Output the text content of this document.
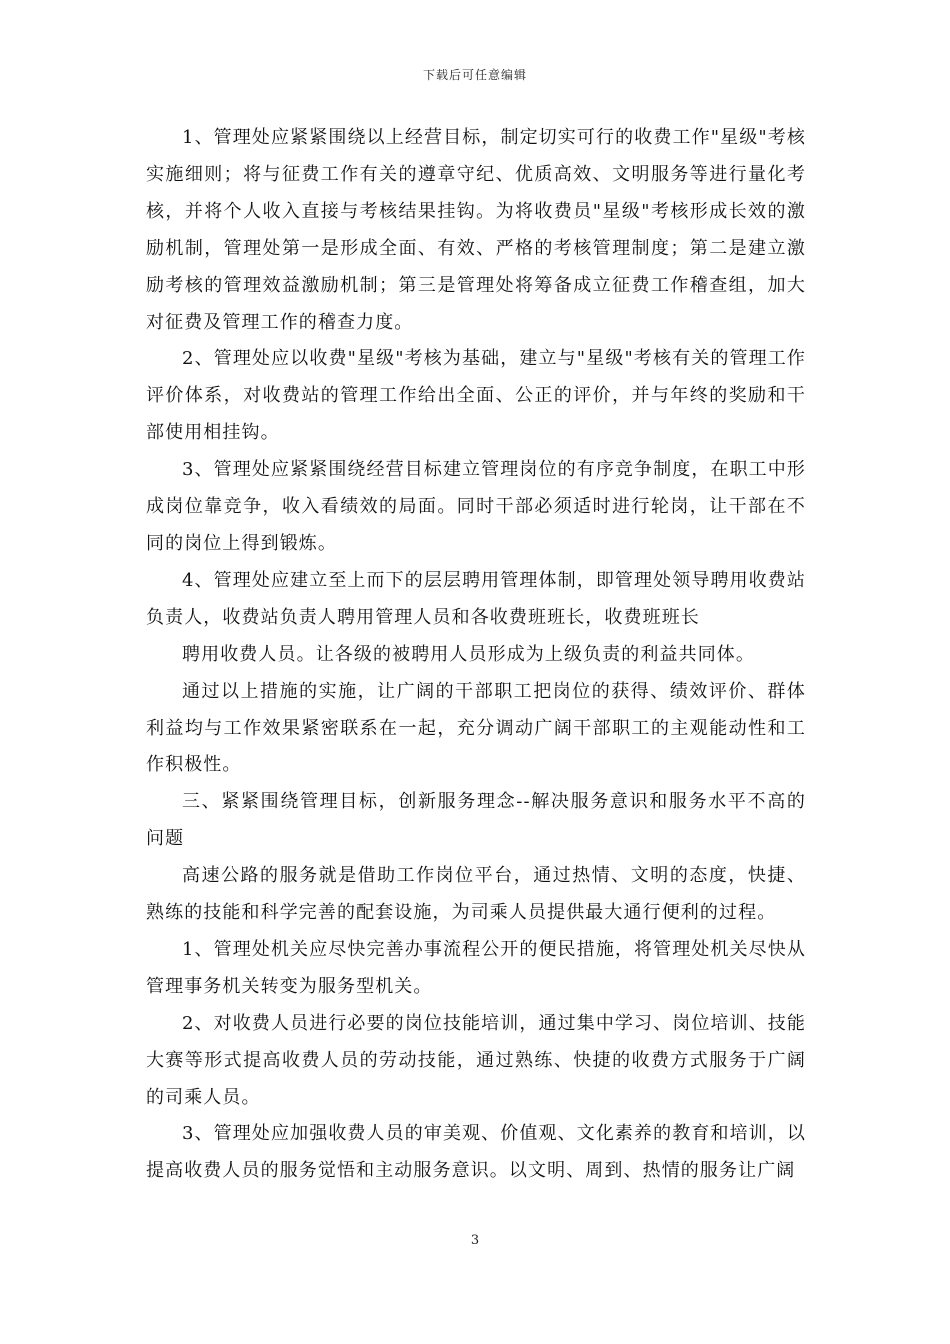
下载后可任意编辑

1、管理处应紧紧围绕以上经营目标，制定切实可行的收费工作"星级"考核实施细则；将与征费工作有关的遵章守纪、优质高效、文明服务等进行量化考核，并将个人收入直接与考核结果挂钩。为将收费员"星级"考核形成长效的激励机制，管理处第一是形成全面、有效、严格的考核管理制度；第二是建立激励考核的管理效益激励机制；第三是管理处将筹备成立征费工作稽查组，加大对征费及管理工作的稽查力度。

2、管理处应以收费"星级"考核为基础，建立与"星级"考核有关的管理工作评价体系，对收费站的管理工作给出全面、公正的评价，并与年终的奖励和干部使用相挂钩。

3、管理处应紧紧围绕经营目标建立管理岗位的有序竞争制度，在职工中形成岗位靠竞争，收入看绩效的局面。同时干部必须适时进行轮岗，让干部在不同的岗位上得到锻炼。

4、管理处应建立至上而下的层层聘用管理体制，即管理处领导聘用收费站负责人，收费站负责人聘用管理人员和各收费班班长，收费班班长

聘用收费人员。让各级的被聘用人员形成为上级负责的利益共同体。

通过以上措施的实施，让广阔的干部职工把岗位的获得、绩效评价、群体利益均与工作效果紧密联系在一起，充分调动广阔干部职工的主观能动性和工作积极性。

三、紧紧围绕管理目标，创新服务理念--解决服务意识和服务水平不高的问题

高速公路的服务就是借助工作岗位平台，通过热情、文明的态度，快捷、熟练的技能和科学完善的配套设施，为司乘人员提供最大通行便利的过程。

1、管理处机关应尽快完善办事流程公开的便民措施，将管理处机关尽快从管理事务机关转变为服务型机关。

2、对收费人员进行必要的岗位技能培训，通过集中学习、岗位培训、技能大赛等形式提高收费人员的劳动技能，通过熟练、快捷的收费方式服务于广阔的司乘人员。

3、管理处应加强收费人员的审美观、价值观、文化素养的教育和培训，以提高收费人员的服务觉悟和主动服务意识。以文明、周到、热情的服务让广阔

3
